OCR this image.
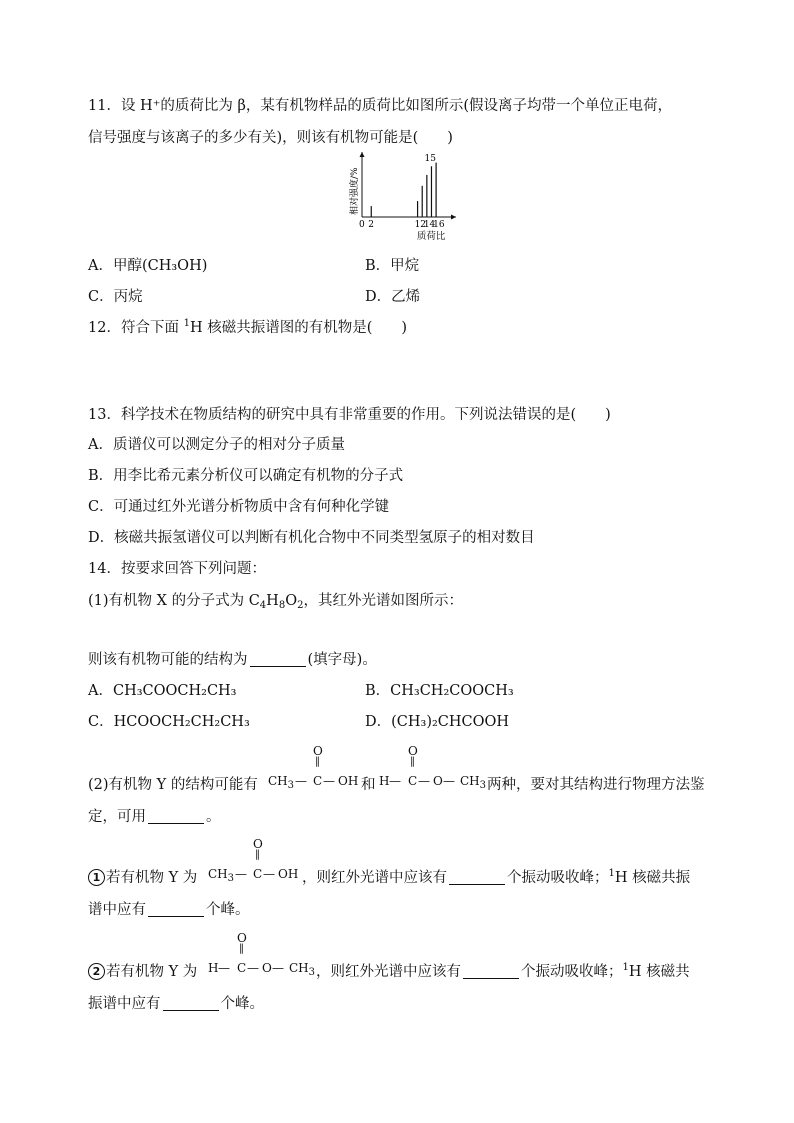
11．设 H⁺的质荷比为 β，某有机物样品的质荷比如图所示(假设离子均带一个单位正电荷，
信号强度与该离子的多少有关)，则该有机物可能是(　　)
0 2	12
14
16
15
质荷比
相对强度/%
A．甲醇(CH₃OH)	B．甲烷
C．丙烷	D．乙烯
12．符合下面 $^1$H 核磁共振谱图的有机物是(　　)
13．科学技术在物质结构的研究中具有非常重要的作用。下列说法错误的是(　　)
A．质谱仪可以测定分子的相对分子质量
B．用李比希元素分析仪可以确定有机物的分子式
C．可通过红外光谱分析物质中含有何种化学键
D．核磁共振氢谱仪可以判断有机化合物中不同类型氢原子的相对数目
14．按要求回答下列问题：
(1)有机物 X 的分子式为 $C_4H_8O_2$，其红外光谱如图所示：
则该有机物可能的结构为	(填字母)。
A．CH₃COOCH₂CH₃	B．CH₃CH₂COOCH₃
C．HCOOCH₂CH₂CH₃	D．(CH₃)₂CHCOOH
(2)有机物 Y 的结构可能有
O
‖
$CH_3$ — C — OH 和
O
‖
H — C — O — $CH_3$ 两种，要对其结构进行物理方法鉴
定，可用	。
1 若有机物 Y 为
O
‖
$CH_3$ — C — OH ，则红外光谱中应该有	个振动吸收峰；$^1$H 核磁共振
谱中应有	个峰。
2 若有机物 Y 为
O
‖
H — C — O — $CH_3$ ，则红外光谱中应该有	个振动吸收峰；$^1$H 核磁共
振谱中应有	个峰。
